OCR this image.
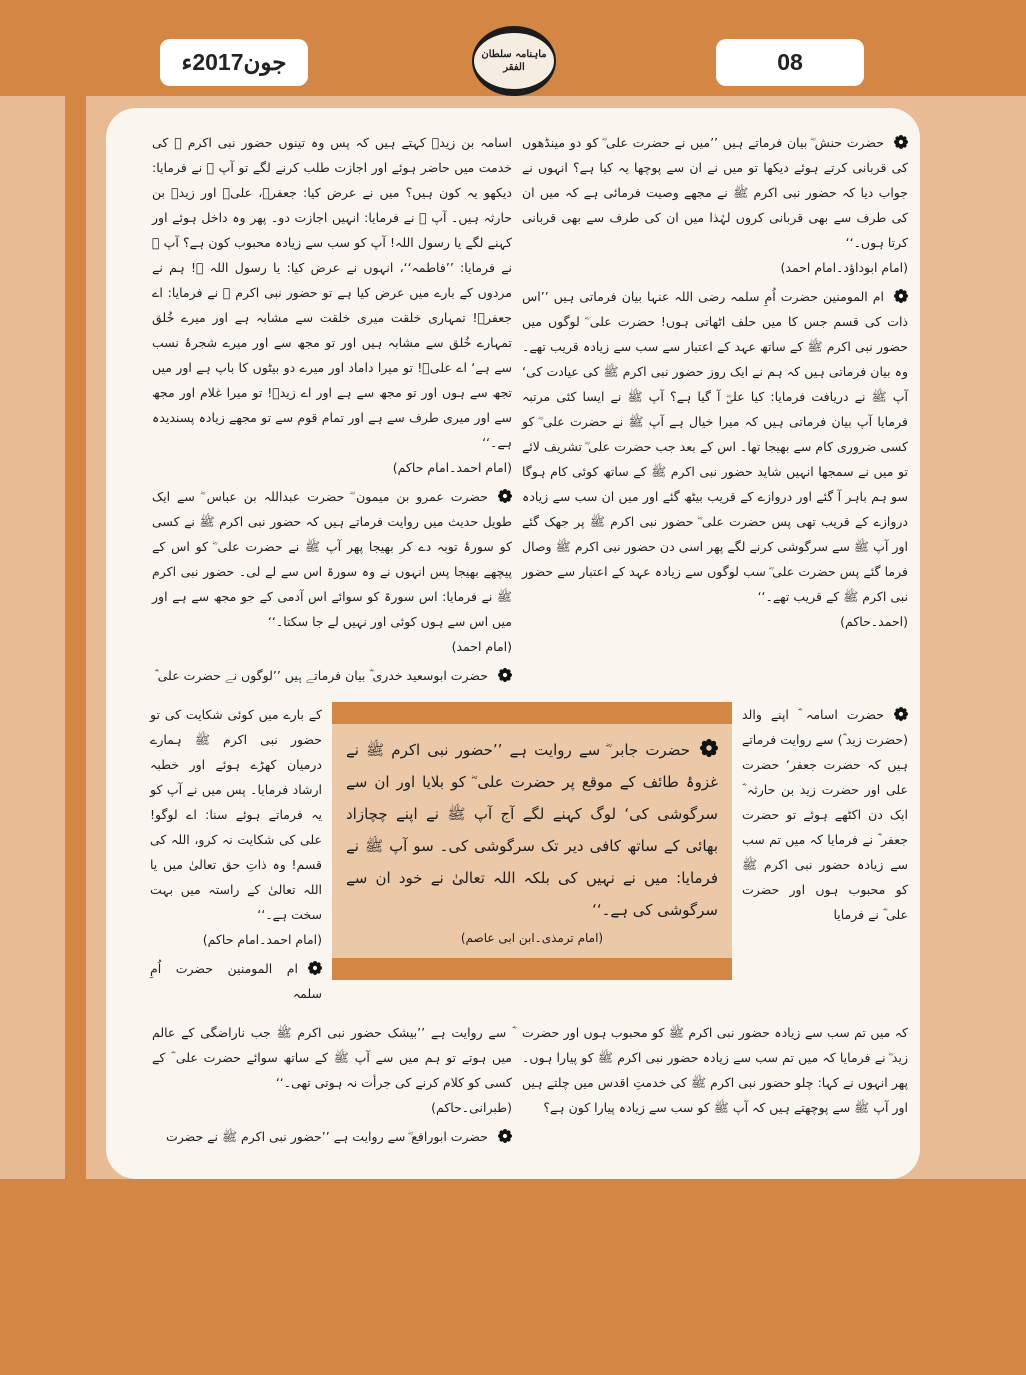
جون2017ء	ماہنامہ سلطان الفقر	08

حضرت حنش ؓ بیان فرماتے ہیں ’’میں نے حضرت علی ؓ کو دو مینڈھوں کی قربانی کرتے ہوئے دیکھا تو میں نے ان سے پوچھا یہ کیا ہے؟ انہوں نے جواب دیا کہ حضور نبی اکرم ﷺ نے مجھے وصیت فرمائی ہے کہ میں ان کی طرف سے بھی قربانی کروں لہٰذا میں ان کی طرف سے بھی قربانی کرتا ہوں۔‘‘
(امام ابوداؤد۔امام احمد)

ام المومنین حضرت اُمِ سلمہ رضی اللہ عنہا بیان فرماتی ہیں ’’اس ذات کی قسم جس کا میں حلف اٹھاتی ہوں! حضرت علی ؓ لوگوں میں حضور نبی اکرم ﷺ کے ساتھ عہد کے اعتبار سے سب سے زیادہ قریب تھے۔ وہ بیان فرماتی ہیں کہ ہم نے ایک روز حضور نبی اکرم ﷺ کی عیادت کی‘ آپ ﷺ نے دریافت فرمایا: کیا علیؓ آ گیا ہے؟ آپ ﷺ نے ایسا کئی مرتبہ فرمایا آپ بیان فرماتی ہیں کہ میرا خیال ہے آپ ﷺ نے حضرت علی ؓ کو کسی ضروری کام سے بھیجا تھا۔ اس کے بعد جب حضرت علی ؓ تشریف لائے تو میں نے سمجھا انہیں شاید حضور نبی اکرم ﷺ کے ساتھ کوئی کام ہوگا سو ہم باہر آ گئے اور دروازے کے قریب بیٹھ گئے اور میں ان سب سے زیادہ دروازے کے قریب تھی پس حضرت علی ؓ حضور نبی اکرم ﷺ پر جھک گئے اور آپ ﷺ سے سرگوشی کرنے لگے پھر اسی دن حضور نبی اکرم ﷺ وصال فرما گئے پس حضرت علی ؓ سب لوگوں سے زیادہ عہد کے اعتبار سے حضور نبی اکرم ﷺ کے قریب تھے۔‘‘
(احمد۔حاکم)

اسامہ بن زیدؓ کہتے ہیں کہ پس وہ تینوں حضور نبی اکرم ﷺ کی خدمت میں حاضر ہوئے اور اجازت طلب کرنے لگے تو آپ ﷺ نے فرمایا: دیکھو یہ کون ہیں؟ میں نے عرض کیا: جعفرؓ، علیؓ اور زیدؓ بن حارثہ ہیں۔ آپ ﷺ نے فرمایا: انہیں اجازت دو۔ پھر وہ داخل ہوئے اور کہنے لگے یا رسول اللہ! آپ کو سب سے زیادہ محبوب کون ہے؟ آپ ﷺ نے فرمایا: ’’فاطمہ‘‘، انہوں نے عرض کیا: یا رسول اللہ ﷺ! ہم نے مردوں کے بارے میں عرض کیا ہے تو حضور نبی اکرم ﷺ نے فرمایا: اے جعفرؓ! تمہاری خلقت میری خلقت سے مشابہ ہے اور میرے خُلق تمہارے خُلق سے مشابہ ہیں اور تو مجھ سے اور میرے شجرۂ نسب سے ہے‘ اے علیؓ! تو میرا داماد اور میرے دو بیٹوں کا باپ ہے اور میں تجھ سے ہوں اور تو مجھ سے ہے اور اے زیدؓ! تو میرا غلام اور مجھ سے اور میری طرف سے ہے اور تمام قوم سے تو مجھے زیادہ پسندیدہ ہے۔‘‘
(امام احمد۔امام حاکم)

حضرت عمرو بن میمون ؓ حضرت عبداللہ بن عباس ؓ سے ایک طویل حدیث میں روایت فرماتے ہیں کہ حضور نبی اکرم ﷺ نے کسی کو سورۂ توبہ دے کر بھیجا پھر آپ ﷺ نے حضرت علی ؓ کو اس کے پیچھے بھیجا پس انہوں نے وہ سورۃ اس سے لے لی۔ حضور نبی اکرم ﷺ نے فرمایا: اس سورۃ کو سوائے اس آدمی کے جو مجھ سے ہے اور میں اس سے ہوں کوئی اور نہیں لے جا سکتا۔‘‘
(امام احمد)

حضرت ابوسعید خدری ؓ بیان فرماتے ہیں ’’لوگوں نے حضرت علی ؓ

حضرت اسامہ ؓ اپنے والد (حضرت زید ؓ) سے روایت فرماتے ہیں کہ حضرت جعفر‘ حضرت علی اور حضرت زید بن حارثہ ؓ ایک دن اکٹھے ہوئے تو حضرت جعفر ؓ نے فرمایا کہ میں تم سب سے زیادہ حضور نبی اکرم ﷺ کو محبوب ہوں اور حضرت علی ؓ نے فرمایا

حضرت جابر ؓ سے روایت ہے ’’حضور نبی اکرم ﷺ نے غزوۂ طائف کے موقع پر حضرت علی ؓ کو بلایا اور ان سے سرگوشی کی‘ لوگ کہنے لگے آج آپ ﷺ نے اپنے چچازاد بھائی کے ساتھ کافی دیر تک سرگوشی کی۔ سو آپ ﷺ نے فرمایا: میں نے نہیں کی بلکہ اللہ تعالیٰ نے خود ان سے سرگوشی کی ہے۔‘‘
(امام ترمذی۔ابن ابی عاصم)

کے بارے میں کوئی شکایت کی تو حضور نبی اکرم ﷺ ہمارے درمیان کھڑے ہوئے اور خطبہ ارشاد فرمایا۔ پس میں نے آپ کو یہ فرماتے ہوئے سنا: اے لوگو! علی کی شکایت نہ کرو، اللہ کی قسم! وہ ذاتِ حق تعالیٰ میں یا اللہ تعالیٰ کے راستہ میں بہت سخت ہے۔‘‘
(امام احمد۔امام حاکم)

ام المومنین حضرت اُمِ سلمہ

کہ میں تم سب سے زیادہ حضور نبی اکرم ﷺ کو محبوب ہوں اور حضرت زید ؓ نے فرمایا کہ میں تم سب سے زیادہ حضور نبی اکرم ﷺ کو پیارا ہوں۔ پھر انہوں نے کہا: چلو حضور نبی اکرم ﷺ کی خدمتِ اقدس میں چلتے ہیں اور آپ ﷺ سے پوچھتے ہیں کہ آپ ﷺ کو سب سے زیادہ پیارا کون ہے؟

ؓ سے روایت ہے ’’بیشک حضور نبی اکرم ﷺ جب ناراضگی کے عالم میں ہوتے تو ہم میں سے آپ ﷺ کے ساتھ سوائے حضرت علی ؓ کے کسی کو کلام کرنے کی جرأت نہ ہوتی تھی۔‘‘
(طبرانی۔حاکم)

حضرت ابورافع ؓ سے روایت ہے ’’حضور نبی اکرم ﷺ نے حضرت
